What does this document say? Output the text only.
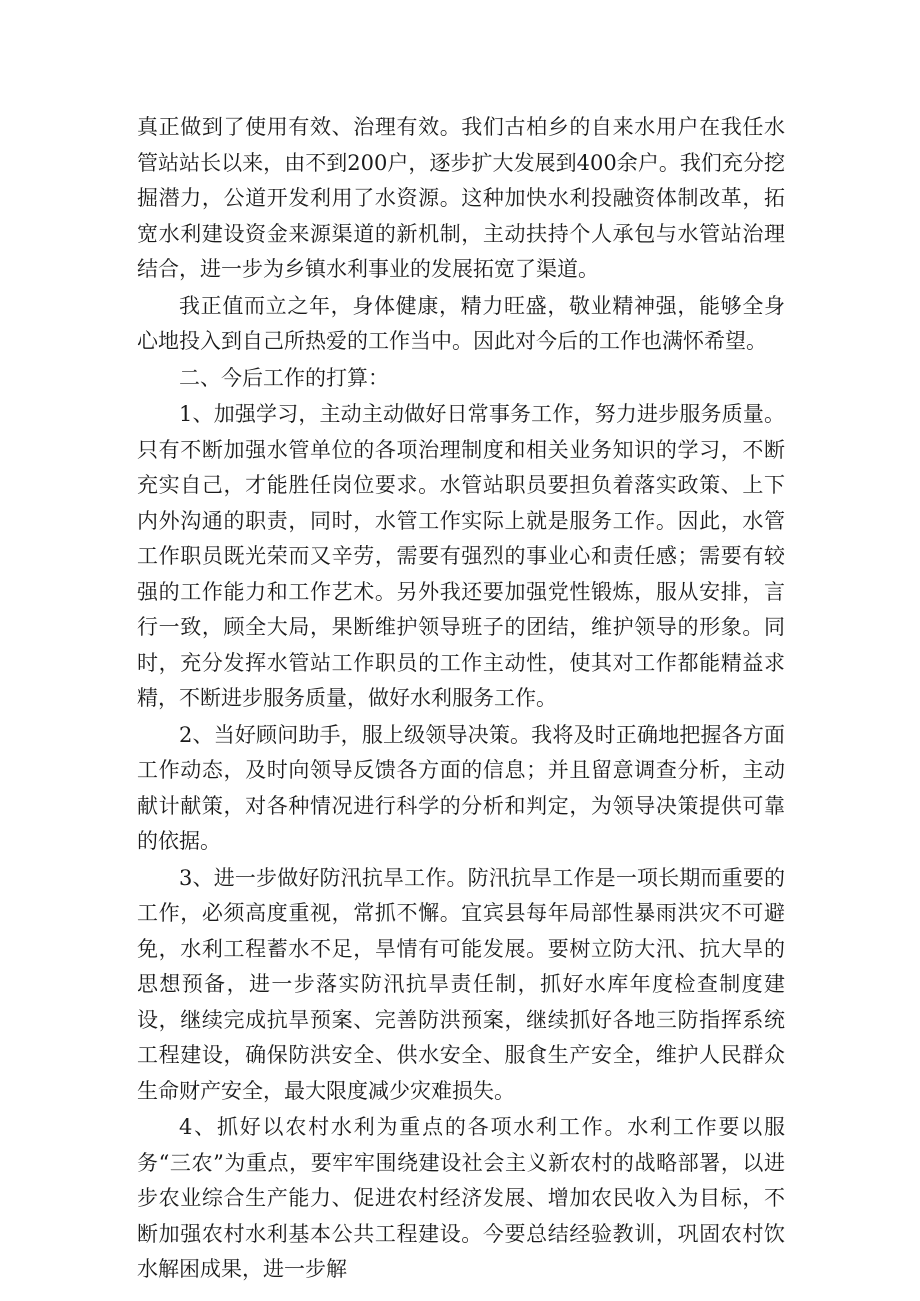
真正做到了使用有效、治理有效。我们古柏乡的自来水用户在我任水管站站长以来，由不到200户，逐步扩大发展到400余户。我们充分挖掘潜力，公道开发利用了水资源。这种加快水利投融资体制改革，拓宽水利建设资金来源渠道的新机制，主动扶持个人承包与水管站治理结合，进一步为乡镇水利事业的发展拓宽了渠道。

我正值而立之年，身体健康，精力旺盛，敬业精神强，能够全身心地投入到自己所热爱的工作当中。因此对今后的工作也满怀希望。

二、今后工作的打算：

1、加强学习，主动主动做好日常事务工作，努力进步服务质量。只有不断加强水管单位的各项治理制度和相关业务知识的学习，不断充实自己，才能胜任岗位要求。水管站职员要担负着落实政策、上下内外沟通的职责，同时，水管工作实际上就是服务工作。因此，水管工作职员既光荣而又辛劳，需要有强烈的事业心和责任感；需要有较强的工作能力和工作艺术。另外我还要加强党性锻炼，服从安排，言行一致，顾全大局，果断维护领导班子的团结，维护领导的形象。同时，充分发挥水管站工作职员的工作主动性，使其对工作都能精益求精，不断进步服务质量，做好水利服务工作。

2、当好顾问助手，服上级领导决策。我将及时正确地把握各方面工作动态，及时向领导反馈各方面的信息；并且留意调查分析，主动献计献策，对各种情况进行科学的分析和判定，为领导决策提供可靠的依据。

3、进一步做好防汛抗旱工作。防汛抗旱工作是一项长期而重要的工作，必须高度重视，常抓不懈。宜宾县每年局部性暴雨洪灾不可避免，水利工程蓄水不足，旱情有可能发展。要树立防大汛、抗大旱的思想预备，进一步落实防汛抗旱责任制，抓好水库年度检查制度建设，继续完成抗旱预案、完善防洪预案，继续抓好各地三防指挥系统工程建设，确保防洪安全、供水安全、服食生产安全，维护人民群众生命财产安全，最大限度减少灾难损失。

4、抓好以农村水利为重点的各项水利工作。水利工作要以服务“三农”为重点，要牢牢围绕建设社会主义新农村的战略部署，以进步农业综合生产能力、促进农村经济发展、增加农民收入为目标，不断加强农村水利基本公共工程建设。今要总结经验教训，巩固农村饮水解困成果，进一步解
